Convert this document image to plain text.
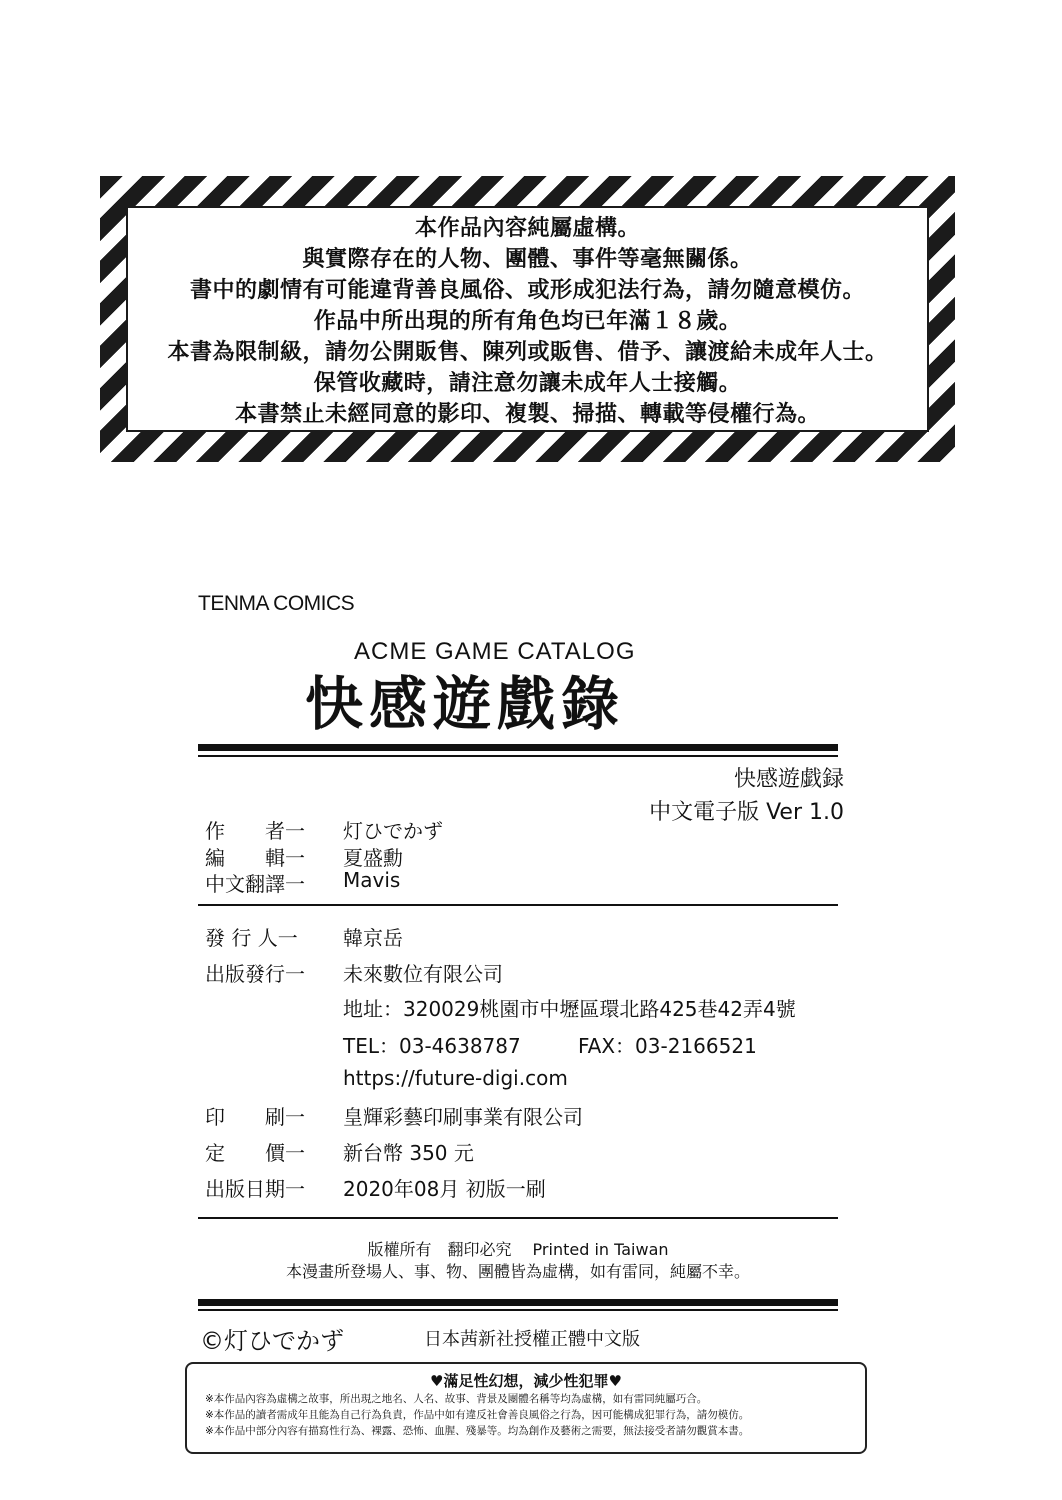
本作品內容純屬虛構。
與實際存在的人物、團體、事件等毫無關係。
書中的劇情有可能違背善良風俗、或形成犯法行為，請勿隨意模仿。
作品中所出現的所有角色均已年滿１８歲。
本書為限制級，請勿公開販售、陳列或販售、借予、讓渡給未成年人士。
保管收藏時，請注意勿讓未成年人士接觸。
本書禁止未經同意的影印、複製、掃描、轉載等侵權行為。
TENMA COMICS
ACME GAME CATALOG
快感遊戲錄
快感遊戯録
中文電子版 Ver 1.0
作　　者一	灯ひでかず
編　　輯一	夏盛勳
中文翻譯一	Mavis
發 行 人一	韓京岳
出版發行一	未來數位有限公司
地址：320029桃園市中壢區環北路425巷42弄4號
TEL：03-4638787	FAX：03-2166521
https://future-digi.com
印　　刷一	皇輝彩藝印刷事業有限公司
定　　價一	新台幣 350 元
出版日期一	2020年08月 初版一刷
版權所有　翻印必究　 Printed in Taiwan
本漫畫所登場人、事、物、團體皆為虛構，如有雷同，純屬不幸。
©灯ひでかず	日本茜新社授權正體中文版
♥滿足性幻想，減少性犯罪♥
※本作品內容為虛構之故事，所出現之地名、人名、故事、背景及團體名稱等均為虛構，如有雷同純屬巧合。
※本作品的讀者需成年且能為自己行為負責，作品中如有違反社會善良風俗之行為，因可能構成犯罪行為，請勿模仿。
※本作品中部分內容有描寫性行為、裸露、恐怖、血腥、殘暴等。均為創作及藝術之需要，無法接受者請勿觀賞本書。
